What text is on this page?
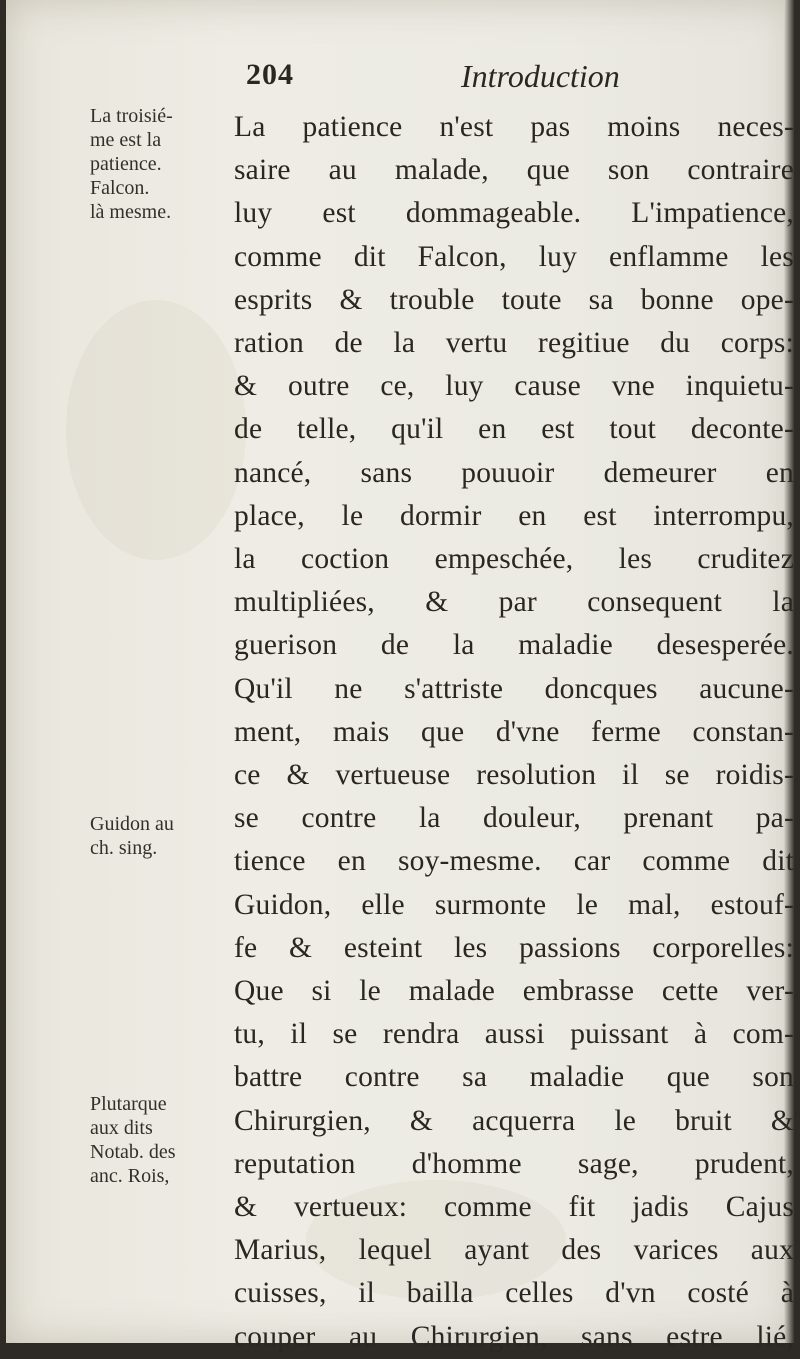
204	Introduction
La troisié-
me est la
patience.
Falcon.
là mesme.
Guidon au
ch. sing.
Plutarque
aux dits
Notab. des
anc. Rois,
La patience n'est pas moins neces-
saire au malade, que son contraire
luy est dommageable. L'impatience,
comme dit Falcon, luy enflamme les
esprits & trouble toute sa bonne ope-
ration de la vertu regitiue du corps:
& outre ce, luy cause vne inquietu-
de telle, qu'il en est tout deconte-
nancé, sans pouuoir demeurer en
place, le dormir en est interrompu,
la coction empeschée, les cruditez
multipliées, & par consequent la
guerison de la maladie desesperée.
Qu'il ne s'attriste doncques aucune-
ment, mais que d'vne ferme constan-
ce & vertueuse resolution il se roidis-
se contre la douleur, prenant pa-
tience en soy-mesme. car comme dit
Guidon, elle surmonte le mal, estouf-
fe & esteint les passions corporelles:
Que si le malade embrasse cette ver-
tu, il se rendra aussi puissant à com-
battre contre sa maladie que son
Chirurgien, & acquerra le bruit &
reputation d'homme sage, prudent,
& vertueux: comme fit jadis Cajus
Marius, lequel ayant des varices aux
cuisses, il bailla celles d'vn costé à
couper au Chirurgien, sans estre lié,
